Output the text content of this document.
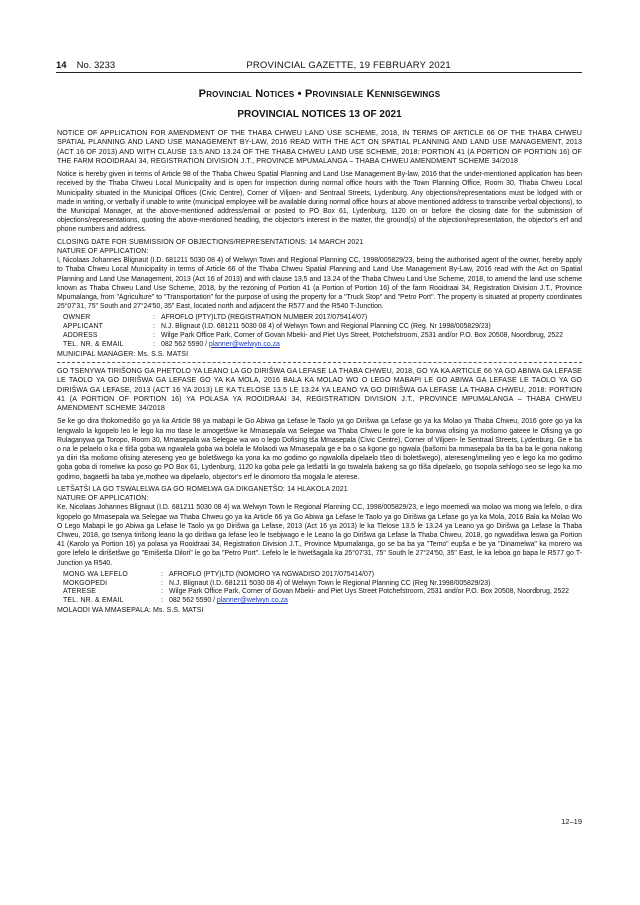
14 No. 3233	PROVINCIAL GAZETTE, 19 FEBRUARY 2021
Provincial Notices • Provinsiale Kennisgewings
PROVINCIAL NOTICES 13 OF 2021

NOTICE OF APPLICATION FOR AMENDMENT OF THE THABA CHWEU LAND USE SCHEME, 2018, IN TERMS OF ARTICLE 66 OF THE THABA CHWEU SPATIAL PLANNING AND LAND USE MANAGEMENT BY-LAW, 2016 READ WITH THE ACT ON SPATIAL PLANNING AND LAND USE MANAGEMENT, 2013 (ACT 16 OF 2013) AND WITH CLAUSE 13.5 AND 13.24 OF THE THABA CHWEU LAND USE SCHEME, 2018: PORTION 41 (A PORTION OF PORTION 16) OF THE FARM ROOIDRAAI 34, REGISTRATION DIVISION J.T., PROVINCE MPUMALANGA – THABA CHWEU AMENDMENT SCHEME 34/2018

Notice is hereby given in terms of Article 98 of the Thaba Chweu Spatial Planning and Land Use Management By-law, 2016 that the under-mentioned application has been received by the Thaba Chweu Local Municipality and is open for inspection during normal office hours with the Town Planning Office, Room 30, Thaba Chweu Local Municipality situated in the Municipal Offices (Civic Centre), Corner of Viljoen- and Sentraal Streets, Lydenburg. Any objections/representations must be lodged with or made in writing, or verbally if unable to write (municipal employee will be available during normal office hours at above mentioned address to transcribe verbal objections), to the Municipal Manager, at the above-mentioned address/email or posted to PO Box 61, Lydenburg, 1120 on or before the closing date for the submission of objections/representations, quoting the above-mentioned heading, the objector's interest in the matter, the ground(s) of the objection/representation, the objector's erf and phone numbers and address.

CLOSING DATE FOR SUBMISSION OF OBJECTIONS/REPRESENTATIONS: 14 MARCH 2021
NATURE OF APPLICATION:

I, Nicolaas Johannes Blignaut (I.D. 681211 5030 08 4) of Welwyn Town and Regional Planning CC, 1998/005829/23, being the authorised agent of the owner, hereby apply to Thaba Chweu Local Municipality in terms of Article 66 of the Thaba Chweu Spatial Planning and Land Use Management By-Law, 2016 read with the Act on Spatial Planning and Land Use Management, 2013 (Act 16 of 2013) and with clause 13.5 and 13.24 of the Thaba Chweu Land Use Scheme, 2018, to amend the land use scheme known as Thaba Chweu Land Use Scheme, 2018, by the rezoning of Portion 41 (a Portion of Portion 16) of the farm Rooidraai 34, Registration Division J.T., Province Mpumalanga, from "Agriculture" to "Transportation" for the purpose of using the property for a "Truck Stop" and "Petro Port". The property is situated at property coordinates 25°07'31, 75" South and 27°24'50, 35" East, located north and adjacent the R577 and the R540 T-Junction.

OWNER	:	AFROFLO (PTY)LTD (REGISTRATION NUMBER 2017/075414/07)
APPLICANT	:	N.J. Blignaut (I.D. 681211 5030 08 4) of Welwyn Town and Regional Planning CC (Reg. Nr 1998/005829/23)
ADDRESS	:	Wilge Park Office Park, Corner of Govan Mbeki- and Piet Uys Street, Potchefstroom, 2531 and/or P.O. Box 20508, Noordbrug, 2522
TEL. NR. & EMAIL	:	082 562 5590 / planner@welwyn.co.za
MUNICIPAL MANAGER: Ms. S.S. MATSI

GO TSENYWA TIRIŠONG GA PHETOLO YA LEANO LA GO DIRIŠWA GA LEFASE LA THABA CHWEU, 2018, GO YA KA ARTICLE 66 YA GO ABIWA GA LEFASE LE TAOLO YA GO DIRIŠWA GA LEFASE GO YA KA MOLA, 2016 BALA KA MOLAO WO O LEGO MABAPI LE GO ABIWA GA LEFASE LE TAOLO YA GO DIRIŠWA GA LEFASE, 2013 (ACT 16 YA 2013) LE KA TLELOSE 13.5 LE 13.24 YA LEANO YA GO DIRIŠWA GA LEFASE LA THABA CHWEU, 2018: PORTION 41 (A PORTION OF PORTION 16) YA POLASA YA ROOIDRAAI 34, REGISTRATION DIVISION J.T., PROVINCE MPUMALANGA – THABA CHWEU AMENDMENT SCHEME 34/2018

Se ke go dira thokomedišo go ya ka Article 98 ya mabapi le Go Abiwa ga Lefase le Taolo ya go Dirišwa ga Lefase go ya ka Molao ya Thaba Chweu, 2016 gore go ya ka lengwalo la kgopelo leo le lego ka mo tlase le amogetšwe ke Mmasepala wa Selegae wa Thaba Chweu le gore le ka bonwa ofising ya mošomo gateee le Ofising ya go Rulaganywa ga Toropo, Room 30, Mmasepala wa Selegae wa wo o lego Dofising tša Mmasepala (Civic Centre), Corner of Viljoen- le Sentraal Streets, Lydenburg. Ge e ba o na le pelaelo o ka e tliša goba wa ngwalela goba wa bolela le Molaodi wa Mmasepala ge e ba o sa kgone go ngwala (bašomi ba mmasepala ba tla ba ba le gona nakong ya diiri tša mošomo ofising atereseng yeo ge boletšwego ka yona ka mo godimo go ngwalolla dipelaelo tšeo di boletšwego), atereseng/imeiling yeo e lego ka mo godimo goba goba di romelwe ka poso go PO Box 61, Lydenburg, 1120 ka goba pele ga letšatši la go tswalela bakeng sa go tliša dipelaelo, go tsopola sehlogo seo se lego ka mo godimo, bagaetši ba taba ye,motheo wa dipelaelo, objector's erf le dinomoro tša mogala le aterese.

LETŠATŠI LA GO TSWALELWA GA GO ROMELWA GA DIKGANETŠO: 14 HLAKOLA 2021
NATURE OF APPLICATION:

Ke, Nicolaas Johannes Blignaut (I.D. 681211 5030 08 4) wa Welwyn Town le Regional Planning CC, 1998/005829/23, e lego moemedi wa molao wa mong wa lefelo, o dira kgopelo go Mmasepala wa Selegae wa Thaba Chweu go ya ka Article 66 ya Go Abiwa ga Lefase le Taolo ya go Dirišwa ga Lefase go ya ka Mola, 2016 Bala ka Molao Wo O Lego Mabapi le go Abiwa ga Lefase le Taolo ya go Dirišwa ga Lefase, 2013 (Act 16 ya 2013) le ka Tlelose 13.5 le 13.24 ya Leano ya go Dirišwa ga Lefase la Thaba Chweu, 2018, go tsenya tirišong leano la go dirišwa ga lefase leo le tsebjwago e le Leano la go Dirišwa ga Lefase la Thaba Chweu, 2018, go ngwadišwa leswa ga Portion 41 (Karolo ya Portion 16) ya polasa ya Rooidraai 34, Registration Division J.T., Province Mpumalanga, go se ba ba ya "Temo" eupša e be ya "Dinamelwa" ka morero wa gore lefelo le dirišetšwe go "Emišetša Dilori" le go ba "Petro Port". Lefelo le le hwetšagala ka 25°07'31, 75" South le 27°24'50, 35" East, le ka leboa go bapa le R577 go T-Junction ya R540.

MONG WA LEFELO	:	AFROFLO (PTY)LTD (NOMORO YA NGWADISO 2017/075414/07)
MOKGOPEDI	:	N.J. Blignaut (I.D. 681211 5030 08 4) of Welwyn Town le Regional Planning CC (Reg Nr.1998/005829/23)
ATERESE	:	Wilge Park Office Park, Corner of Govan Mbeki- and Piet Uys Street Potchefstroom, 2531 and/or P.O. Box 20508, Noordbrug, 2522
TEL. NR. & EMAIL	:	082 562 5590 / planner@welwyn.co.za
MOLAODI WA MMASEPALA: Ms. S.S. MATSI
12–19
